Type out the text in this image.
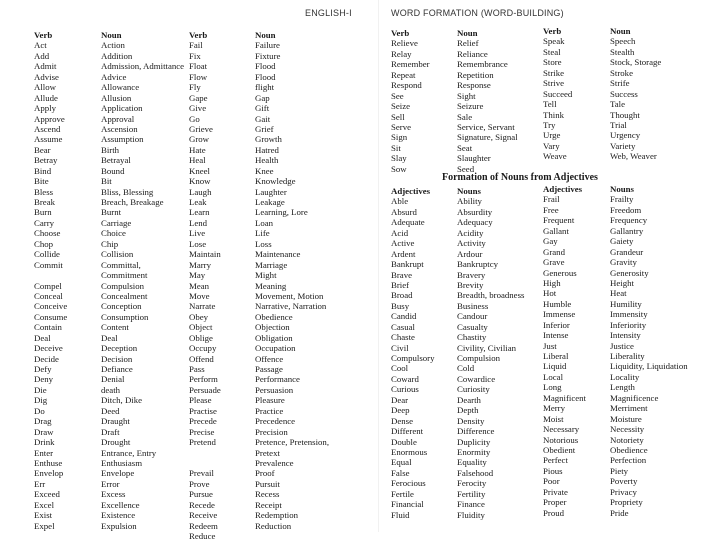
ENGLISH-I	WORD FORMATION (WORD-BUILDING)
Verb
Act
Add
Admit
Advise
Allow
Allude
Apply
Approve
Ascend
Assume
Bear
Betray
Bind
Bite
Bless
Break
Burn
Carry
Choose
Chop
Collide
Commit
Compel
Conceal
Conceive
Consume
Contain
Deal
Deceive
Decide
Defy
Deny
Die
Dig
Do
Drag
Draw
Drink
Enter
Enthuse
Envelop
Err
Exceed
Excel
Exist
Expel
Noun
Action
Addition
Admission, Admittance
Advice
Allowance
Allusion
Application
Approval
Ascension
Assumption
Birth
Betrayal
Bound
Bit
Bliss, Blessing
Breach, Breakage
Burnt
Carriage
Choice
Chip
Collision
Committal,
Commitment
Compulsion
Concealment
Conception
Consumption
Content
Deal
Deception
Decision
Defiance
Denial
death
Ditch, Dike
Deed
Draught
Draft
Drought
Entrance, Entry
Enthusiasm
Envelope
Error
Excess
Excellence
Existence
Expulsion
Verb
Fail
Fix
Float
Flow
Fly
Gape
Give
Go
Grieve
Grow
Hate
Heal
Kneel
Know
Laugh
Leak
Learn
Lend
Live
Lose
Maintain
Marry
May
Mean
Move
Narrate
Obey
Object
Oblige
Occupy
Offend
Pass
Perform
Persuade
Please
Practise
Precede
Precise
Pretend
Prevail
Prove
Pursue
Recede
Receive
Redeem
Reduce
Noun
Failure
Fixture
Flood
Flood
flight
Gap
Gift
Gait
Grief
Growth
Hatred
Health
Knee
Knowledge
Laughter
Leakage
Learning, Lore
Loan
Life
Loss
Maintenance
Marriage
Might
Meaning
Movement, Motion
Narrative, Narration
Obedience
Objection
Obligation
Occupation
Offence
Passage
Performance
Persuasion
Pleasure
Practice
Precedence
Precision
Pretence, Pretension,
Pretext
Prevalence
Proof
Pursuit
Recess
Receipt
Redemption
Reduction
Verb
Relieve
Relay
Remember
Repeat
Respond
See
Seize
Sell
Serve
Sign
Sit
Slay
Sow
Noun
Relief
Reliance
Remembrance
Repetition
Response
Sight
Seizure
Sale
Service, Servant
Signature, Signal
Seat
Slaughter
Seed
Verb
Speak
Steal
Store
Strike
Strive
Succeed
Tell
Think
Try
Urge
Vary
Weave
Noun
Speech
Stealth
Stock, Storage
Stroke
Strife
Success
Tale
Thought
Trial
Urgency
Variety
Web, Weaver
Formation of Nouns from Adjectives
Adjectives
Able
Absurd
Adequate
Acid
Active
Ardent
Bankrupt
Brave
Brief
Broad
Busy
Candid
Casual
Chaste
Civil
Compulsory
Cool
Coward
Curious
Dear
Deep
Dense
Different
Double
Enormous
Equal
False
Ferocious
Fertile
Financial
Fluid
Nouns
Ability
Absurdity
Adequacy
Acidity
Activity
Ardour
Bankruptcy
Bravery
Brevity
Breadth, broadness
Business
Candour
Casualty
Chastity
Civility, Civilian
Compulsion
Cold
Cowardice
Curiosity
Dearth
Depth
Density
Difference
Duplicity
Enormity
Equality
Falsehood
Ferocity
Fertility
Finance
Fluidity
Adjectives
Frail
Free
Frequent
Gallant
Gay
Grand
Grave
Generous
High
Hot
Humble
Immense
Inferior
Intense
Just
Liberal
Liquid
Local
Long
Magnificent
Merry
Moist
Necessary
Notorious
Obedient
Perfect
Pious
Poor
Private
Proper
Proud
Nouns
Frailty
Freedom
Frequency
Gallantry
Gaiety
Grandeur
Gravity
Generosity
Height
Heat
Humility
Immensity
Inferiority
Intensity
Justice
Liberality
Liquidity, Liquidation
Locality
Length
Magnificence
Merriment
Moisture
Necessity
Notoriety
Obedience
Perfection
Piety
Poverty
Privacy
Propriety
Pride
